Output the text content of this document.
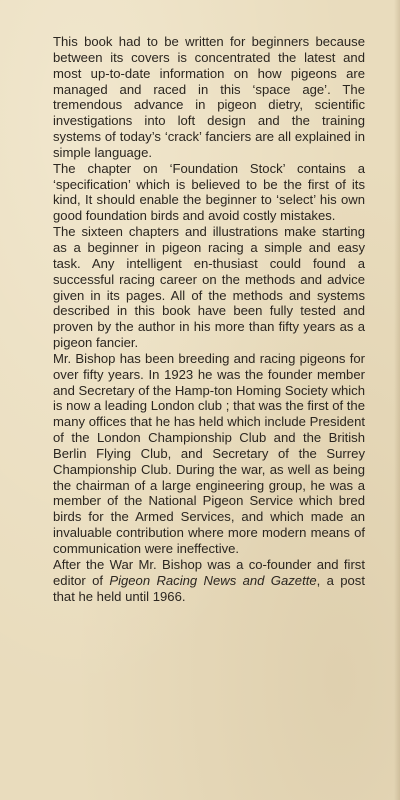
This book had to be written for beginners because between its covers is concentrated the latest and most up-to-date information on how pigeons are managed and raced in this ‘space age’. The tremendous advance in pigeon dietry, scientific investigations into loft design and the training systems of today’s ‘crack’ fanciers are all explained in simple language.

The chapter on ‘Foundation Stock’ contains a ‘specification’ which is believed to be the first of its kind, It should enable the beginner to ‘select’ his own good foundation birds and avoid costly mistakes.

The sixteen chapters and illustrations make starting as a beginner in pigeon racing a simple and easy task. Any intelligent en-thusiast could found a successful racing career on the methods and advice given in its pages. All of the methods and systems described in this book have been fully tested and proven by the author in his more than fifty years as a pigeon fancier.

Mr. Bishop has been breeding and racing pigeons for over fifty years. In 1923 he was the founder member and Secretary of the Hamp-ton Homing Society which is now a leading London club ; that was the first of the many offices that he has held which include President of the London Championship Club and the British Berlin Flying Club, and Secretary of the Surrey Championship Club. During the war, as well as being the chairman of a large engineering group, he was a member of the National Pigeon Service which bred birds for the Armed Services, and which made an invaluable contribution where more modern means of communication were ineffective.

After the War Mr. Bishop was a co-founder and first editor of Pigeon Racing News and Gazette, a post that he held until 1966.
